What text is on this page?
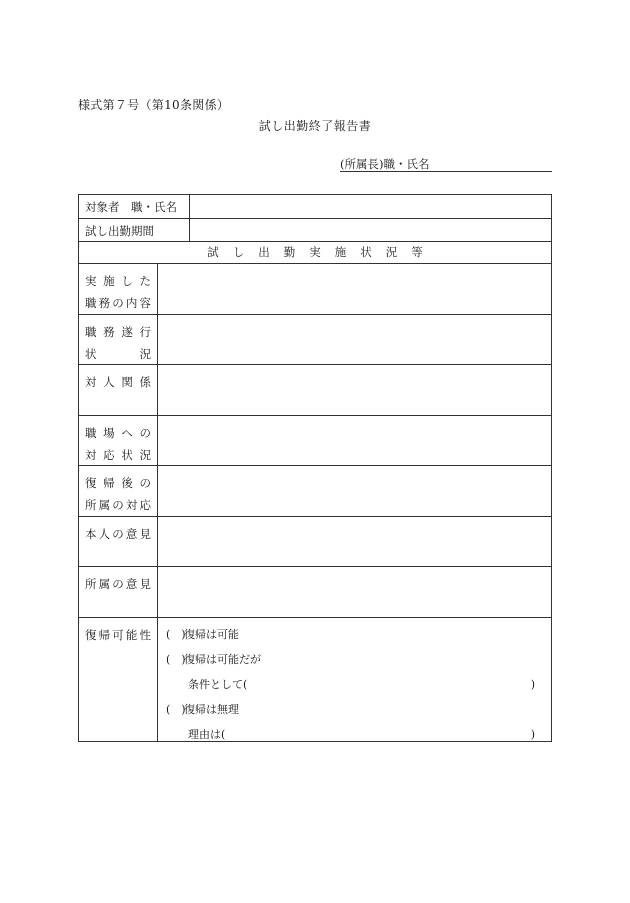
様式第７号（第10条関係）
試し出勤終了報告書
(所属長)職・氏名
対象者　職・氏名
試し出勤期間
試し出勤実施状況等
実施した
職務の内容
職務遂行
状　　況
対人関係
職場への
対応状況
復帰後の
所属の対応
本人の意見
所属の意見
復帰可能性 (　)復帰は可能
(　)復帰は可能だが
条件として(	)
(　)復帰は無理
理由は(	)
